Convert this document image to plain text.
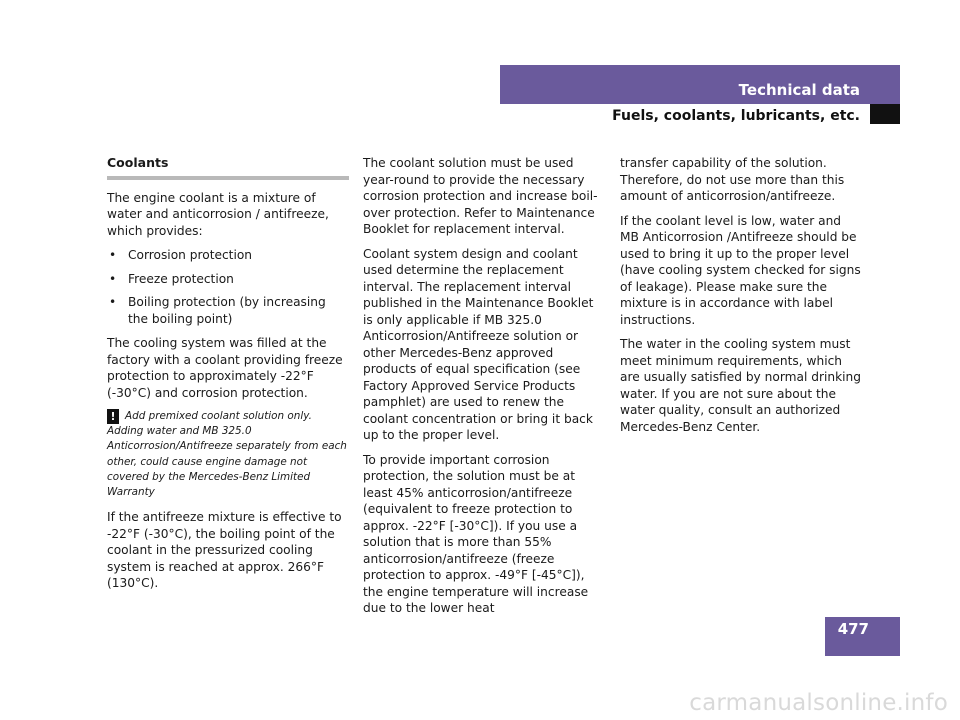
Technical data
Fuels, coolants, lubricants, etc.
Coolants

The engine coolant is a mixture of water and anticorrosion / antifreeze, which provides:

• Corrosion protection
• Freeze protection
• Boiling protection (by increasing the boiling point)

The cooling system was filled at the factory with a coolant providing freeze protection to approximately -22°F (-30°C) and corrosion protection.

! Add premixed coolant solution only. Adding water and MB 325.0 Anticorrosion/Antifreeze separately from each other, could cause engine damage not covered by the Mercedes-Benz Limited Warranty

If the antifreeze mixture is effective to -22°F (-30°C), the boiling point of the coolant in the pressurized cooling system is reached at approx. 266°F (130°C).

The coolant solution must be used year-round to provide the necessary corrosion protection and increase boil-over protection. Refer to Maintenance Booklet for replacement interval.

Coolant system design and coolant used determine the replacement interval. The replacement interval published in the Maintenance Booklet is only applicable if MB 325.0 Anticorrosion/Antifreeze solution or other Mercedes-Benz approved products of equal specification (see Factory Approved Service Products pamphlet) are used to renew the coolant concentration or bring it back up to the proper level.

To provide important corrosion protection, the solution must be at least 45% anticorrosion/antifreeze (equivalent to freeze protection to approx. -22°F [-30°C]). If you use a solution that is more than 55% anticorrosion/antifreeze (freeze protection to approx. -49°F [-45°C]), the engine temperature will increase due to the lower heat

transfer capability of the solution. Therefore, do not use more than this amount of anticorrosion/antifreeze.

If the coolant level is low, water and MB Anticorrosion /Antifreeze should be used to bring it up to the proper level (have cooling system checked for signs of leakage). Please make sure the mixture is in accordance with label instructions.

The water in the cooling system must meet minimum requirements, which are usually satisfied by normal drinking water. If you are not sure about the water quality, consult an authorized Mercedes-Benz Center.

477
carmanualsonline.info
